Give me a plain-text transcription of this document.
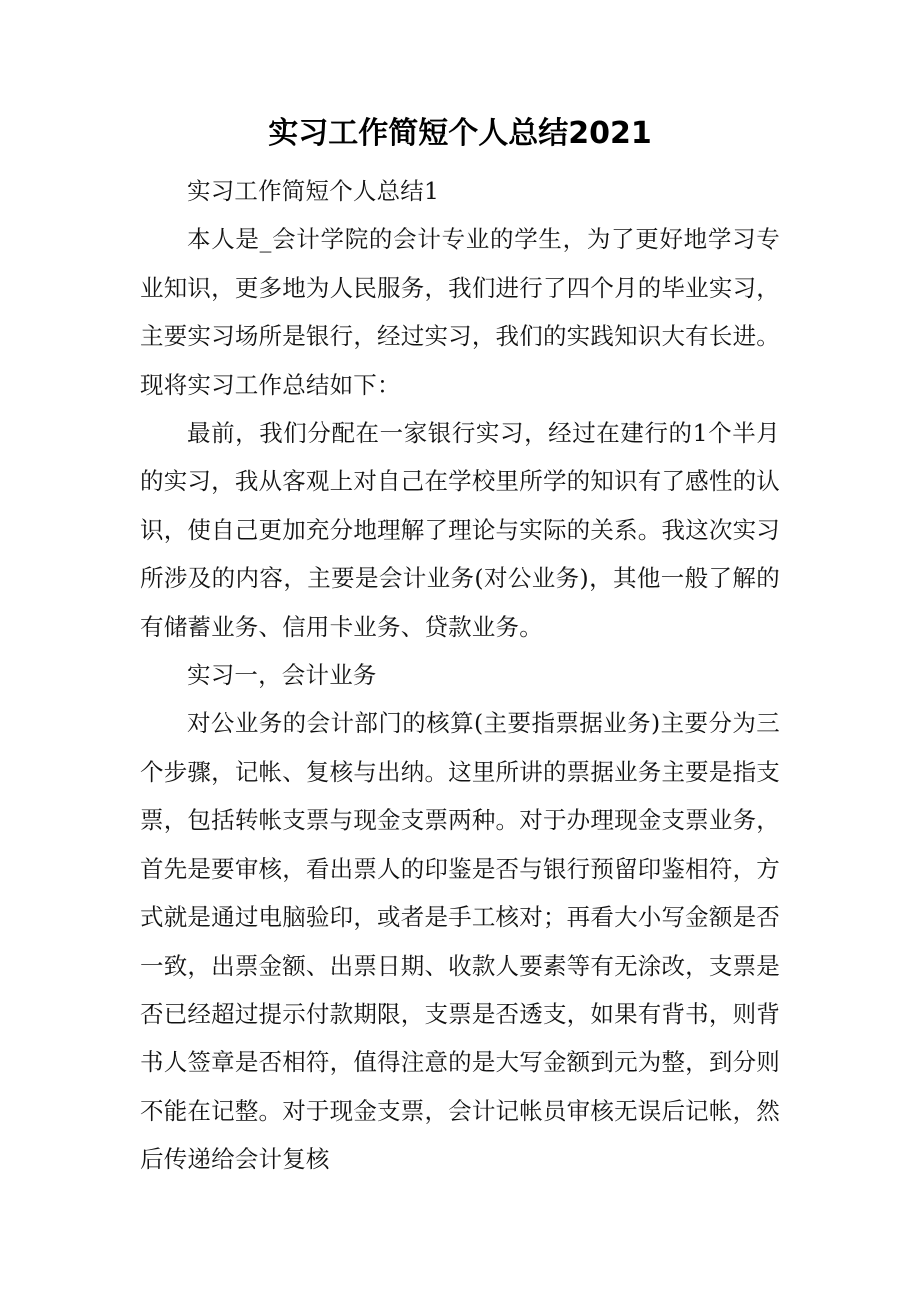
实习工作简短个人总结2021

实习工作简短个人总结1

本人是_会计学院的会计专业的学生，为了更好地学习专业知识，更多地为人民服务，我们进行了四个月的毕业实习，主要实习场所是银行，经过实习，我们的实践知识大有长进。现将实习工作总结如下：

最前，我们分配在一家银行实习，经过在建行的1个半月的实习，我从客观上对自己在学校里所学的知识有了感性的认识，使自己更加充分地理解了理论与实际的关系。我这次实习所涉及的内容，主要是会计业务(对公业务)，其他一般了解的有储蓄业务、信用卡业务、贷款业务。

实习一，会计业务

对公业务的会计部门的核算(主要指票据业务)主要分为三个步骤，记帐、复核与出纳。这里所讲的票据业务主要是指支票，包括转帐支票与现金支票两种。对于办理现金支票业务，首先是要审核，看出票人的印鉴是否与银行预留印鉴相符，方式就是通过电脑验印，或者是手工核对；再看大小写金额是否一致，出票金额、出票日期、收款人要素等有无涂改，支票是否已经超过提示付款期限，支票是否透支，如果有背书，则背书人签章是否相符，值得注意的是大写金额到元为整，到分则不能在记整。对于现金支票，会计记帐员审核无误后记帐，然后传递给会计复核
